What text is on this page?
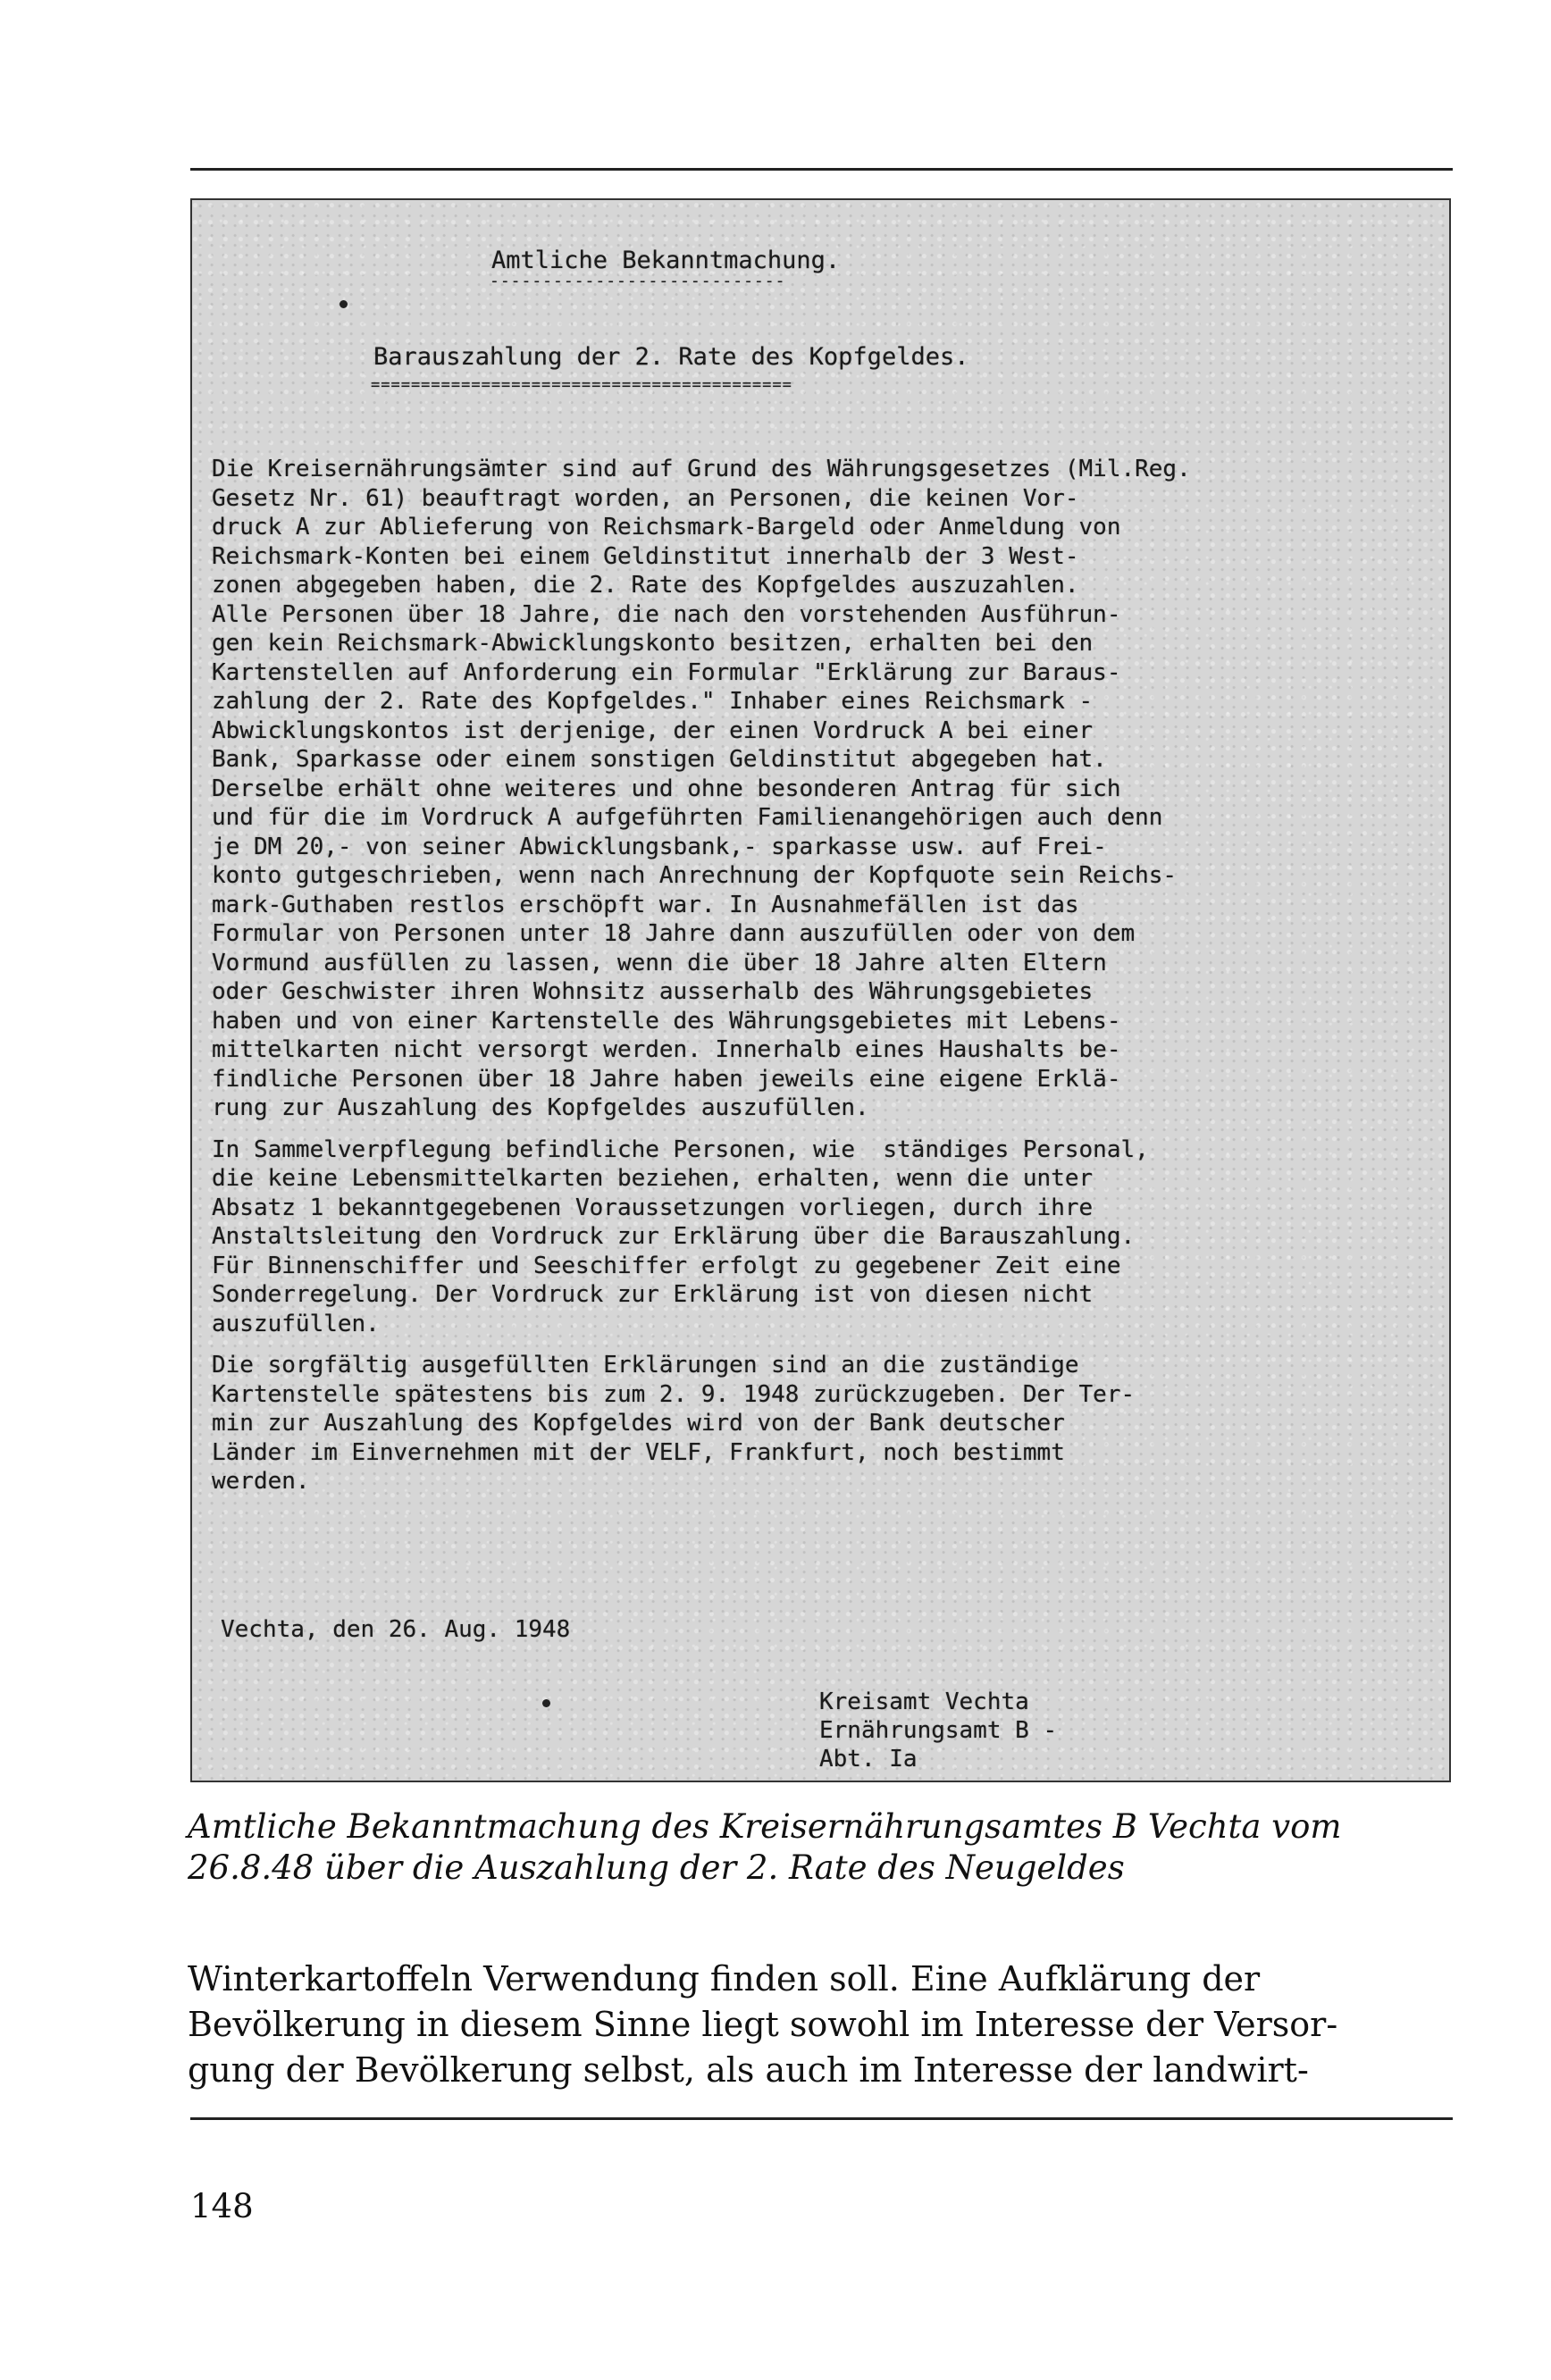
Amtliche Bekanntmachung.
----------------------------
Barauszahlung der 2. Rate des Kopfgeldes.
==========================================
Die Kreisernährungsämter sind auf Grund des Währungsgesetzes (Mil.Reg.
Gesetz Nr. 61) beauftragt worden, an Personen, die keinen Vor-
druck A zur Ablieferung von Reichsmark-Bargeld oder Anmeldung von
Reichsmark-Konten bei einem Geldinstitut innerhalb der 3 West-
zonen abgegeben haben, die 2. Rate des Kopfgeldes auszuzahlen.
Alle Personen über 18 Jahre, die nach den vorstehenden Ausführun-
gen kein Reichsmark-Abwicklungskonto besitzen, erhalten bei den
Kartenstellen auf Anforderung ein Formular "Erklärung zur Baraus-
zahlung der 2. Rate des Kopfgeldes." Inhaber eines Reichsmark -
Abwicklungskontos ist derjenige, der einen Vordruck A bei einer
Bank, Sparkasse oder einem sonstigen Geldinstitut abgegeben hat.
Derselbe erhält ohne weiteres und ohne besonderen Antrag für sich
und für die im Vordruck A aufgeführten Familienangehörigen auch denn
je DM 20,- von seiner Abwicklungsbank,- sparkasse usw. auf Frei-
konto gutgeschrieben, wenn nach Anrechnung der Kopfquote sein Reichs-
mark-Guthaben restlos erschöpft war. In Ausnahmefällen ist das
Formular von Personen unter 18 Jahre dann auszufüllen oder von dem
Vormund ausfüllen zu lassen, wenn die über 18 Jahre alten Eltern
oder Geschwister ihren Wohnsitz ausserhalb des Währungsgebietes
haben und von einer Kartenstelle des Währungsgebietes mit Lebens-
mittelkarten nicht versorgt werden. Innerhalb eines Haushalts be-
findliche Personen über 18 Jahre haben jeweils eine eigene Erklä-
rung zur Auszahlung des Kopfgeldes auszufüllen.
In Sammelverpflegung befindliche Personen, wie  ständiges Personal,
die keine Lebensmittelkarten beziehen, erhalten, wenn die unter
Absatz 1 bekanntgegebenen Voraussetzungen vorliegen, durch ihre
Anstaltsleitung den Vordruck zur Erklärung über die Barauszahlung.
Für Binnenschiffer und Seeschiffer erfolgt zu gegebener Zeit eine
Sonderregelung. Der Vordruck zur Erklärung ist von diesen nicht
auszufüllen.
Die sorgfältig ausgefüllten Erklärungen sind an die zuständige
Kartenstelle spätestens bis zum 2. 9. 1948 zurückzugeben. Der Ter-
min zur Auszahlung des Kopfgeldes wird von der Bank deutscher
Länder im Einvernehmen mit der VELF, Frankfurt, noch bestimmt
werden.
Vechta, den 26. Aug. 1948
Kreisamt Vechta
Ernährungsamt B -
Abt. Ia
Amtliche Bekanntmachung des Kreisernährungsamtes B Vechta vom
26.8.48 über die Auszahlung der 2. Rate des Neugeldes
Winterkartoffeln Verwendung finden soll. Eine Aufklärung der
Bevölkerung in diesem Sinne liegt sowohl im Interesse der Versor-
gung der Bevölkerung selbst, als auch im Interesse der landwirt-
148
